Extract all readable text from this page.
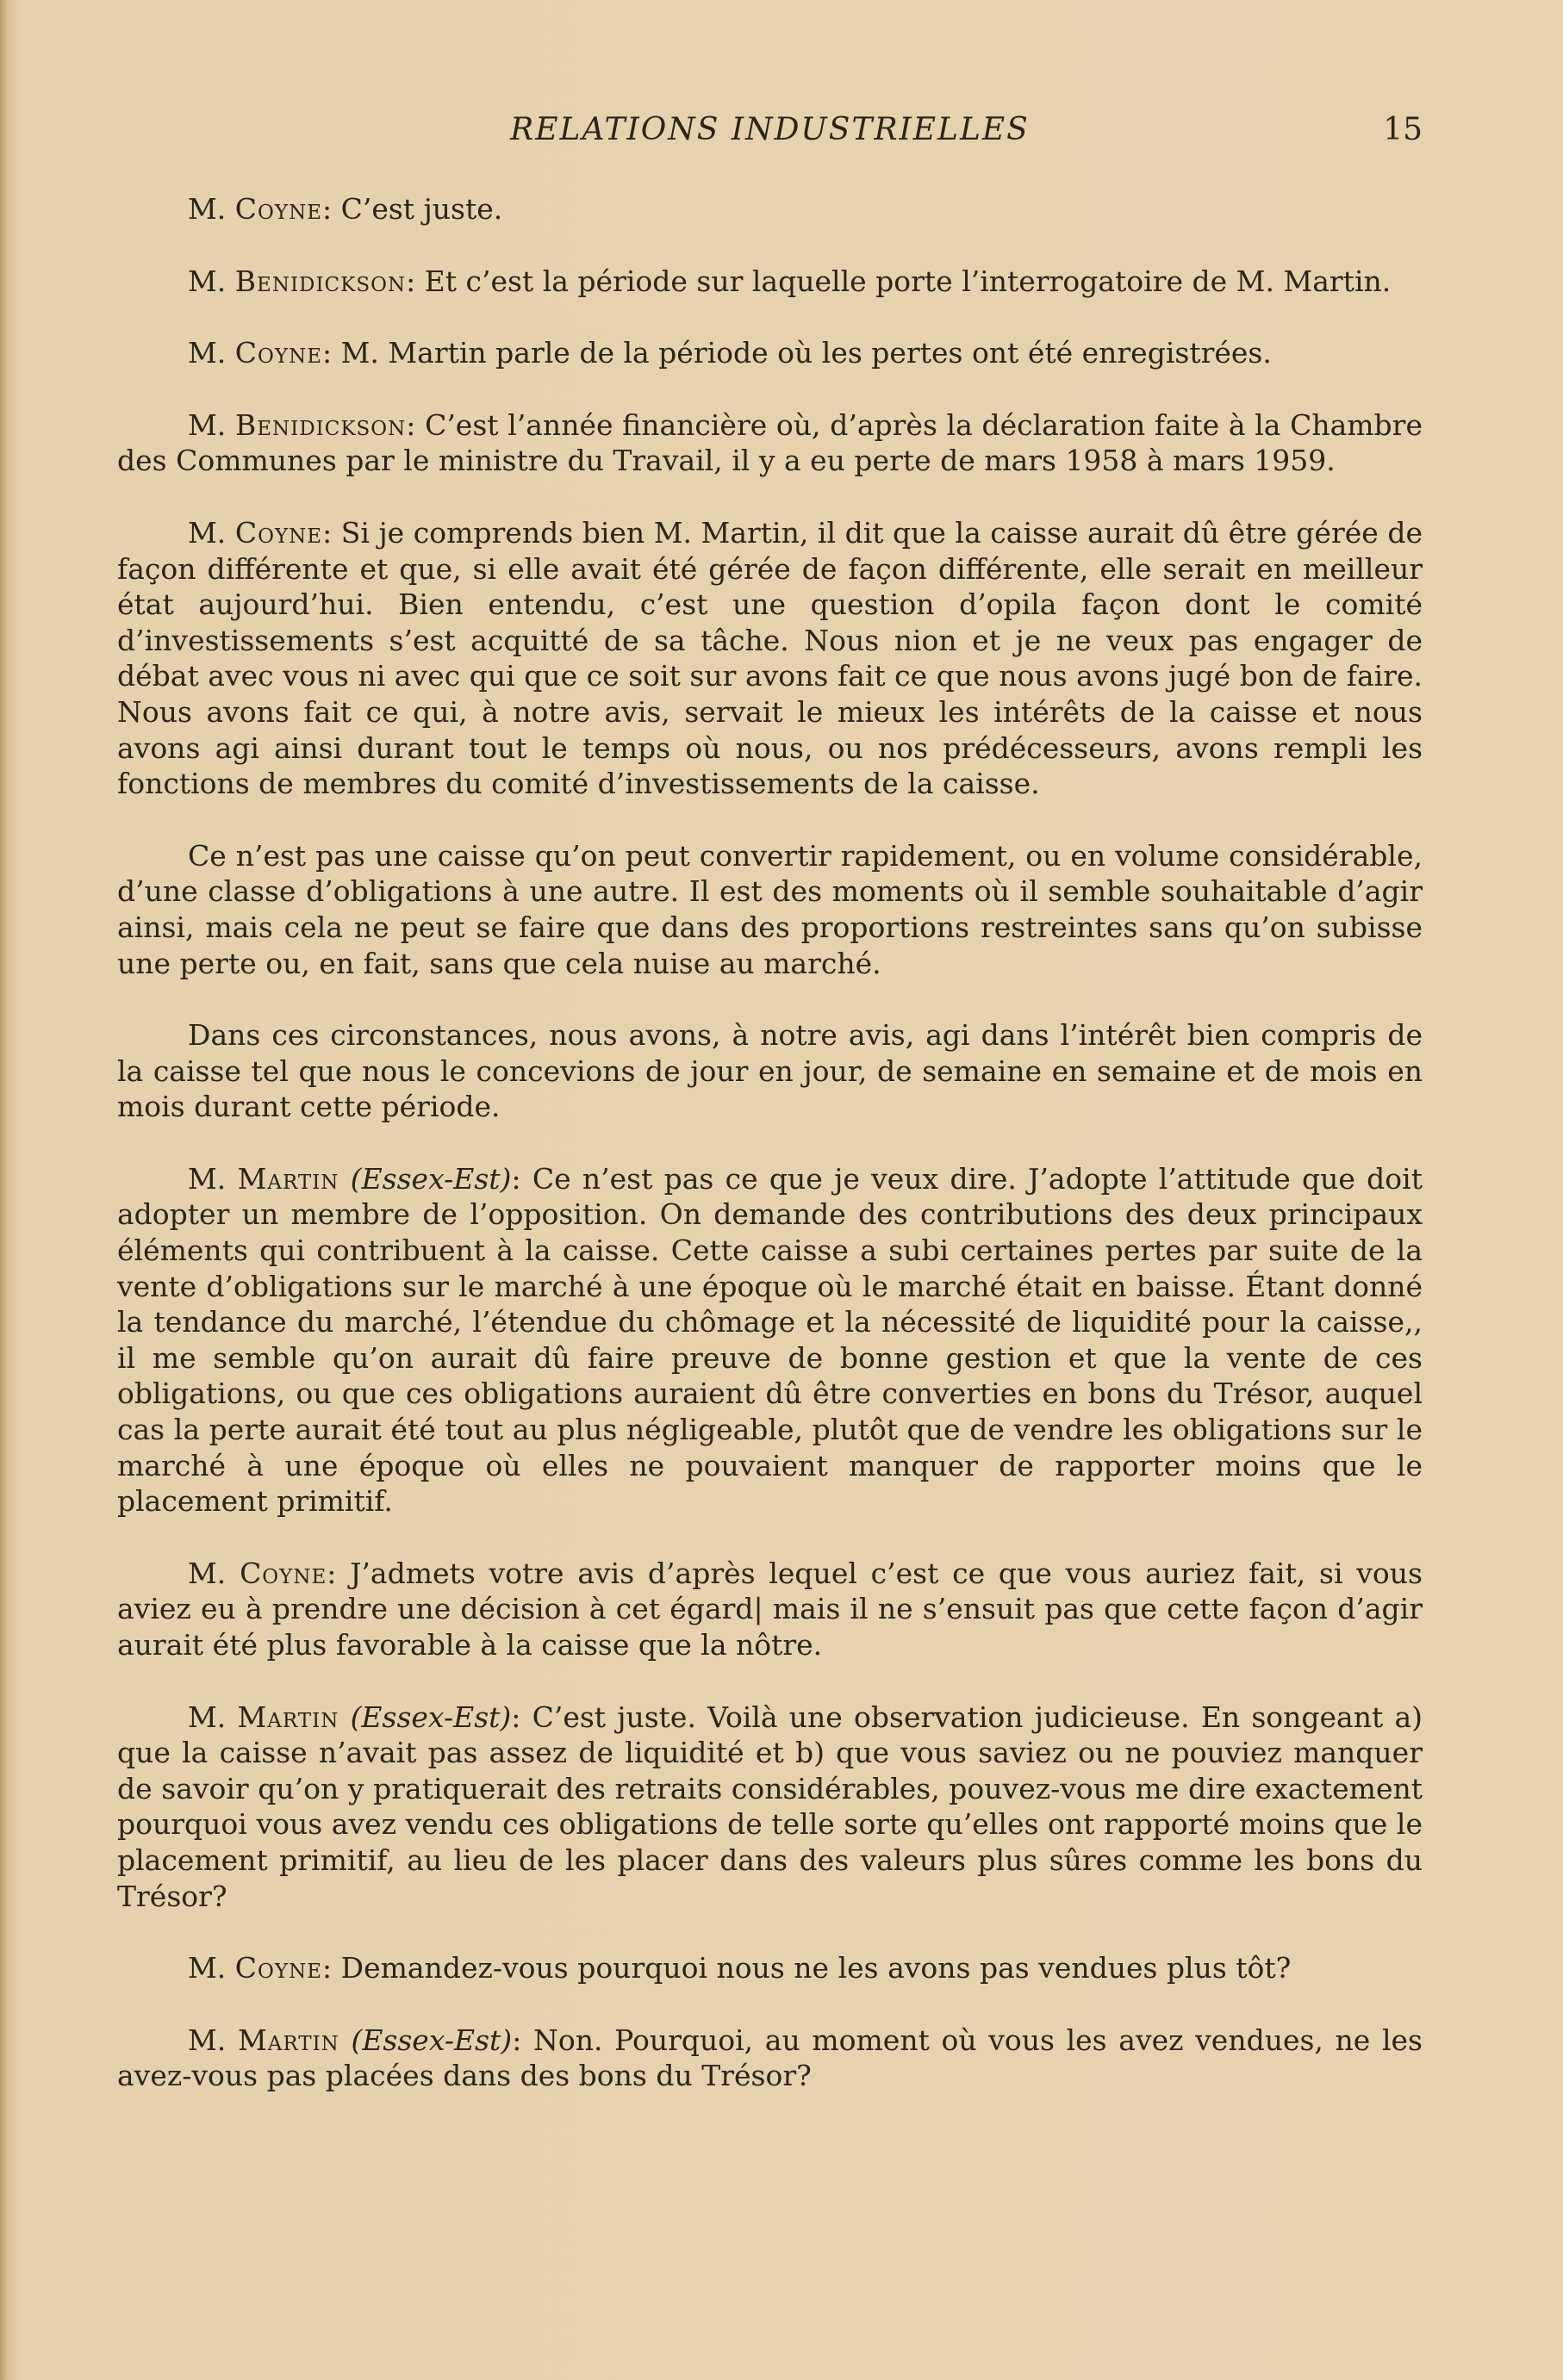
RELATIONS INDUSTRIELLES	15

M. Coyne: C’est juste.

M. Benidickson: Et c’est la période sur laquelle porte l’interrogatoire de M. Martin.

M. Coyne: M. Martin parle de la période où les pertes ont été enregistrées.

M. Benidickson: C’est l’année financière où, d’après la déclaration faite à la Chambre des Communes par le ministre du Travail, il y a eu perte de mars 1958 à mars 1959.

M. Coyne: Si je comprends bien M. Martin, il dit que la caisse aurait dû être gérée de façon différente et que, si elle avait été gérée de façon différente, elle serait en meilleur état aujourd’hui. Bien entendu, c’est une question d’opila façon dont le comité d’investissements s’est acquitté de sa tâche. Nous nion et je ne veux pas engager de débat avec vous ni avec qui que ce soit sur avons fait ce que nous avons jugé bon de faire. Nous avons fait ce qui, à notre avis, servait le mieux les intérêts de la caisse et nous avons agi ainsi durant tout le temps où nous, ou nos prédécesseurs, avons rempli les fonctions de membres du comité d’investissements de la caisse.

Ce n’est pas une caisse qu’on peut convertir rapidement, ou en volume considérable, d’une classe d’obligations à une autre. Il est des moments où il semble souhaitable d’agir ainsi, mais cela ne peut se faire que dans des proportions restreintes sans qu’on subisse une perte ou, en fait, sans que cela nuise au marché.

Dans ces circonstances, nous avons, à notre avis, agi dans l’intérêt bien compris de la caisse tel que nous le concevions de jour en jour, de semaine en semaine et de mois en mois durant cette période.

M. Martin (Essex-Est): Ce n’est pas ce que je veux dire. J’adopte l’attitude que doit adopter un membre de l’opposition. On demande des contributions des deux principaux éléments qui contribuent à la caisse. Cette caisse a subi certaines pertes par suite de la vente d’obligations sur le marché à une époque où le marché était en baisse. Étant donné la tendance du marché, l’étendue du chômage et la nécessité de liquidité pour la caisse,, il me semble qu’on aurait dû faire preuve de bonne gestion et que la vente de ces obligations, ou que ces obligations auraient dû être converties en bons du Trésor, auquel cas la perte aurait été tout au plus négligeable, plutôt que de vendre les obligations sur le marché à une époque où elles ne pouvaient manquer de rapporter moins que le placement primitif.

M. Coyne: J’admets votre avis d’après lequel c’est ce que vous auriez fait, si vous aviez eu à prendre une décision à cet égard| mais il ne s’ensuit pas que cette façon d’agir aurait été plus favorable à la caisse que la nôtre.

M. Martin (Essex-Est): C’est juste. Voilà une observation judicieuse. En songeant a) que la caisse n’avait pas assez de liquidité et b) que vous saviez ou ne pouviez manquer de savoir qu’on y pratiquerait des retraits considérables, pouvez-vous me dire exactement pourquoi vous avez vendu ces obligations de telle sorte qu’elles ont rapporté moins que le placement primitif, au lieu de les placer dans des valeurs plus sûres comme les bons du Trésor?

M. Coyne: Demandez-vous pourquoi nous ne les avons pas vendues plus tôt?

M. Martin (Essex-Est): Non. Pourquoi, au moment où vous les avez vendues, ne les avez-vous pas placées dans des bons du Trésor?
